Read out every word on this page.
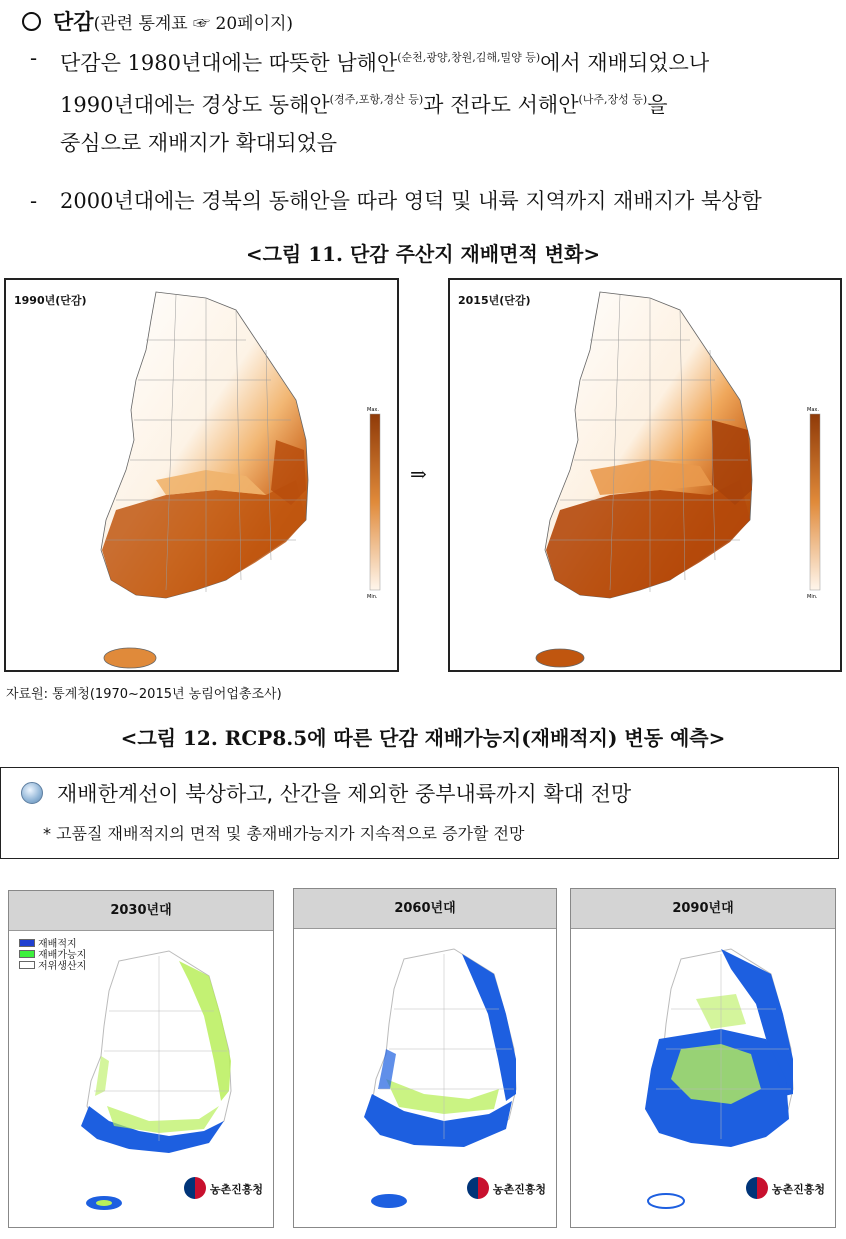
단감(관련 통계표 ☞ 20페이지)
- 단감은 1980년대에는 따뜻한 남해안$^{(순천,광양,창원,김해,밀양 등)}$에서 재배되었으나
1990년대에는 경상도 동해안$^{(경주,포항,경산 등)}$과 전라도 서해안$^{(나주,장성 등)}$을
중심으로 재배지가 확대되었음
- 2000년대에는 경북의 동해안을 따라 영덕 및 내륙 지역까지 재배지가 북상함
<그림 11. 단감 주산지 재배면적 변화>
1990년(단감)
Max.
Min.
⇒
2015년(단감)
Max.
Min.
자료원: 통계청(1970~2015년 농림어업총조사)
<그림 12. RCP8.5에 따른 단감 재배가능지(재배적지) 변동 예측>
재배한계선이 북상하고, 산간을 제외한 중부내륙까지 확대 전망
* 고품질 재배적지의 면적 및 총재배가능지가 지속적으로 증가할 전망
2030년대
재배적지
재배가능지
저위생산지
농촌진흥청
2060년대
농촌진흥청
2090년대
농촌진흥청
